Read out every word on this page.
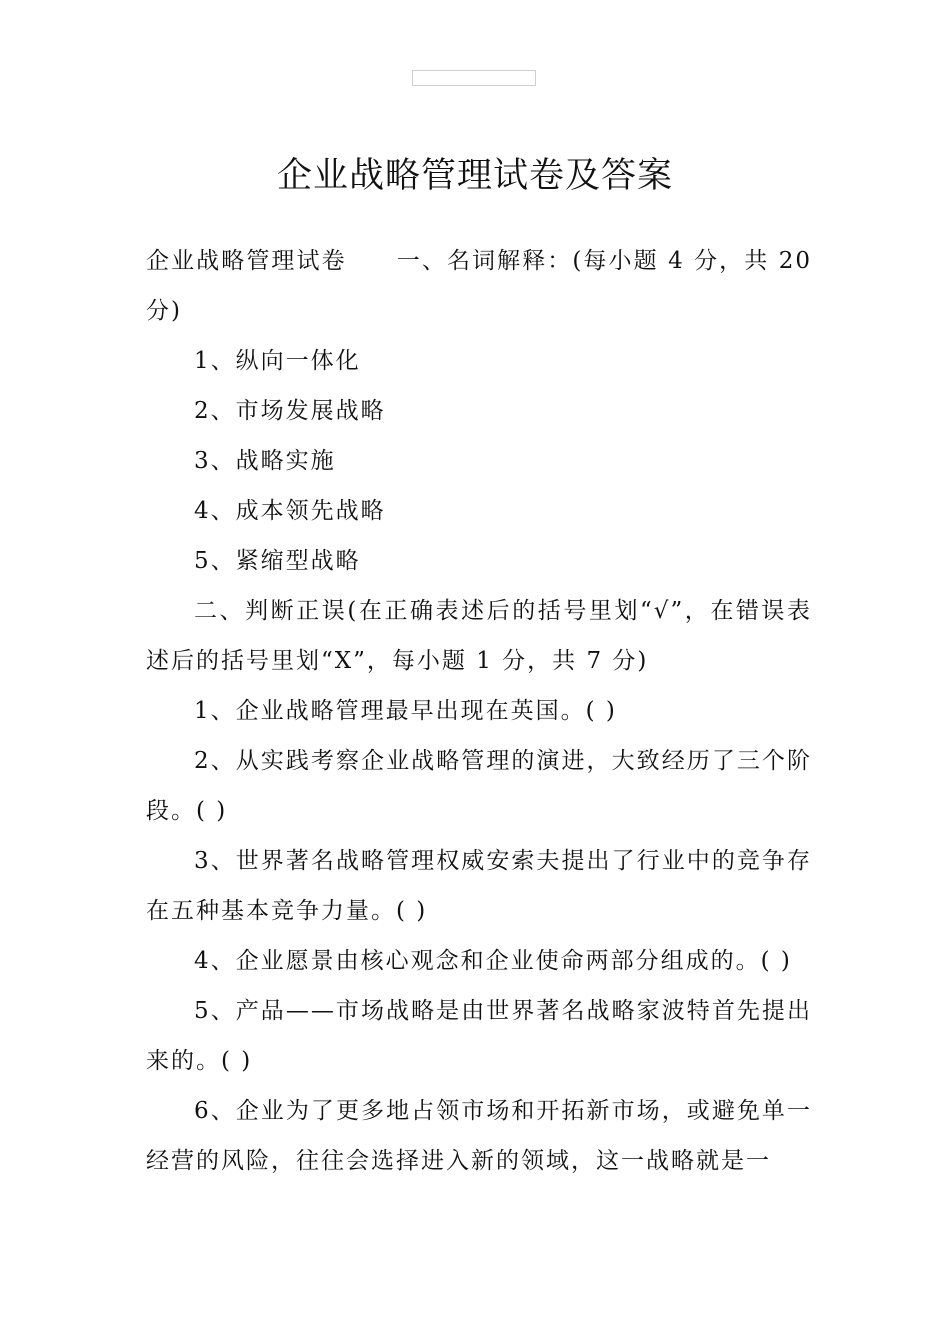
企业战略管理试卷及答案

企业战略管理试卷 一、名词解释：(每小题 4 分，共 20 分)

1、纵向一体化

2、市场发展战略

3、战略实施

4、成本领先战略

5、紧缩型战略

二、判断正误(在正确表述后的括号里划“√”，在错误表述后的括号里划“X”，每小题 1 分，共 7 分)

1、企业战略管理最早出现在英国。( )

2、从实践考察企业战略管理的演进，大致经历了三个阶段。( )

3、世界著名战略管理权威安索夫提出了行业中的竞争存在五种基本竞争力量。( )

4、企业愿景由核心观念和企业使命两部分组成的。( )

5、产品——市场战略是由世界著名战略家波特首先提出来的。( )

6、企业为了更多地占领市场和开拓新市场，或避免单一经营的风险，往往会选择进入新的领域，这一战略就是一
